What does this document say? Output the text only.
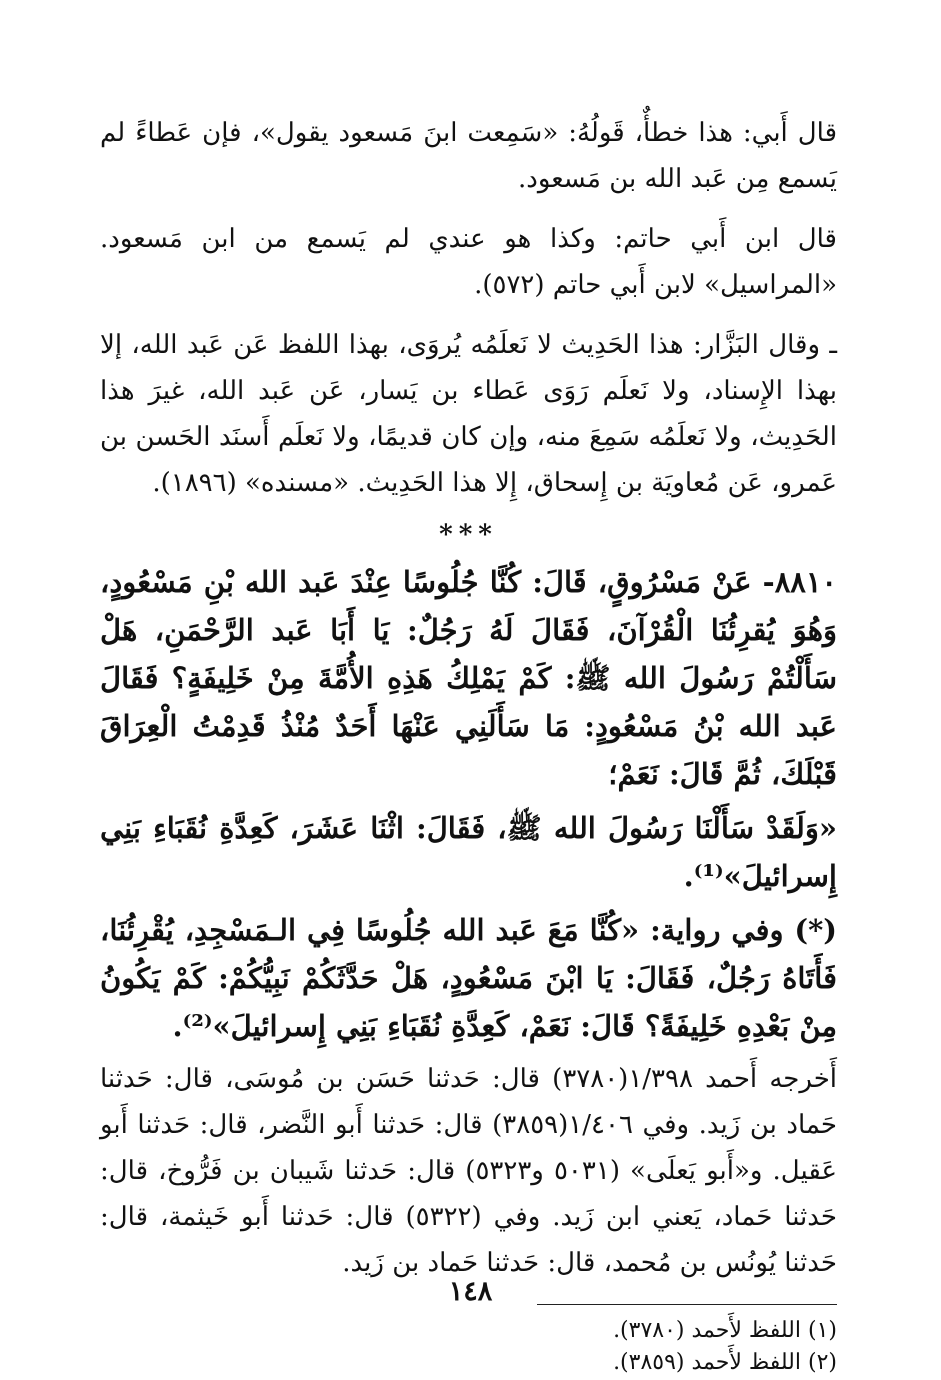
قال أَبي: هذا خطأٌ، قَولُهُ: «سَمِعت ابنَ مَسعود يقول»، فإن عَطاءً لم يَسمع مِن عَبد الله بن مَسعود.

قال ابن أَبي حاتم: وكذا هو عندي لم يَسمع من ابن مَسعود. «المراسيل» لابن أَبي حاتم (٥٧٢).

ـ وقال البَزَّار: هذا الحَدِيث لا نَعلَمُه يُروَى، بهذا اللفظ عَن عَبد الله، إلا بهذا الإِسناد، ولا نَعلَم رَوَى عَطاء بن يَسار، عَن عَبد الله، غيرَ هذا الحَدِيث، ولا نَعلَمُه سَمِعَ منه، وإن كان قديمًا، ولا نَعلَم أَسنَد الحَسن بن عَمرو، عَن مُعاويَة بن إِسحاق، إِلا هذا الحَدِيث. «مسنده» (١٨٩٦).

***

٨٨١٠- عَنْ مَسْرُوقٍ، قَالَ: كُنَّا جُلُوسًا عِنْدَ عَبد الله بْنِ مَسْعُودٍ، وَهُوَ يُقرِئُنَا الْقُرْآنَ، فَقَالَ لَهُ رَجُلٌ: يَا أَبَا عَبد الرَّحْمَنِ، هَلْ سَأَلْتُمْ رَسُولَ الله ﷺ: كَمْ يَمْلِكُ هَذِهِ الأُمَّةَ مِنْ خَلِيفَةٍ؟ فَقَالَ عَبد الله بْنُ مَسْعُودٍ: مَا سَأَلَنِي عَنْهَا أَحَدٌ مُنْذُ قَدِمْتُ الْعِرَاقَ قَبْلَكَ، ثُمَّ قَالَ: نَعَمْ؛

«وَلَقَدْ سَأَلْنَا رَسُولَ الله ﷺ، فَقَالَ: اثْنَا عَشَرَ، كَعِدَّةِ نُقَبَاءِ بَنِي إِسرائيلَ»⁽¹⁾.

(*) وفي رواية: «كُنَّا مَعَ عَبد الله جُلُوسًا فِي الـمَسْجِدِ، يُقْرِئُنَا، فَأَتَاهُ رَجُلٌ، فَقَالَ: يَا ابْنَ مَسْعُودٍ، هَلْ حَدَّثَكُمْ نَبِيُّكُمْ: كَمْ يَكُونُ مِنْ بَعْدِهِ خَلِيفَةً؟ قَالَ: نَعَمْ، كَعِدَّةِ نُقَبَاءِ بَنِي إِسرائيلَ»⁽²⁾.

أَخرجه أَحمد ١/٣٩٨(٣٧٨٠) قال: حَدثنا حَسَن بن مُوسَى، قال: حَدثنا حَماد بن زَيد. وفي ١/٤٠٦(٣٨٥٩) قال: حَدثنا أَبو النَّضر، قال: حَدثنا أَبو عَقيل. و«أَبو يَعلَى» (٥٠٣١ و٥٣٢٣) قال: حَدثنا شَيبان بن فَرُّوخ، قال: حَدثنا حَماد، يَعني ابن زَيد. وفي (٥٣٢٢) قال: حَدثنا أَبو خَيثمة، قال: حَدثنا يُونُس بن مُحمد، قال: حَدثنا حَماد بن زَيد.

(١) اللفظ لأَحمد (٣٧٨٠).

(٢) اللفظ لأَحمد (٣٨٥٩).

١٤٨
